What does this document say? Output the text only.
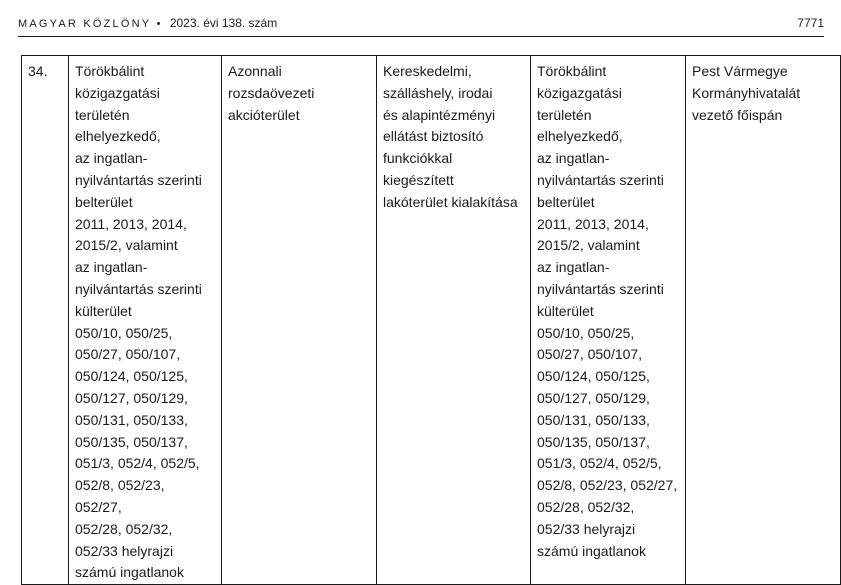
MAGYAR KÖZLÖNY • 2023. évi 138. szám	7771
34.	Törökbálint
közigazgatási
területén
elhelyezkedő,
az ingatlan-
nyilvántartás szerinti
belterület
2011, 2013, 2014,
2015/2, valamint
az ingatlan-
nyilvántartás szerinti
külterület
050/10, 050/25,
050/27, 050/107,
050/124, 050/125,
050/127, 050/129,
050/131, 050/133,
050/135, 050/137,
051/3, 052/4, 052/5,
052/8, 052/23, 052/27,
052/28, 052/32,
052/33 helyrajzi
számú ingatlanok

Azonnali
rozsdaövezeti
akcióterület

Kereskedelmi,
szálláshely, irodai
és alapintézményi
ellátást biztosító
funkciókkal
kiegészített
lakóterület kialakítása

Törökbálint
közigazgatási
területén
elhelyezkedő,
az ingatlan-
nyilvántartás szerinti
belterület
2011, 2013, 2014,
2015/2, valamint
az ingatlan-
nyilvántartás szerinti
külterület
050/10, 050/25,
050/27, 050/107,
050/124, 050/125,
050/127, 050/129,
050/131, 050/133,
050/135, 050/137,
051/3, 052/4, 052/5,
052/8, 052/23, 052/27,
052/28, 052/32,
052/33 helyrajzi
számú ingatlanok

Pest Vármegye
Kormányhivatalát
vezető főispán
